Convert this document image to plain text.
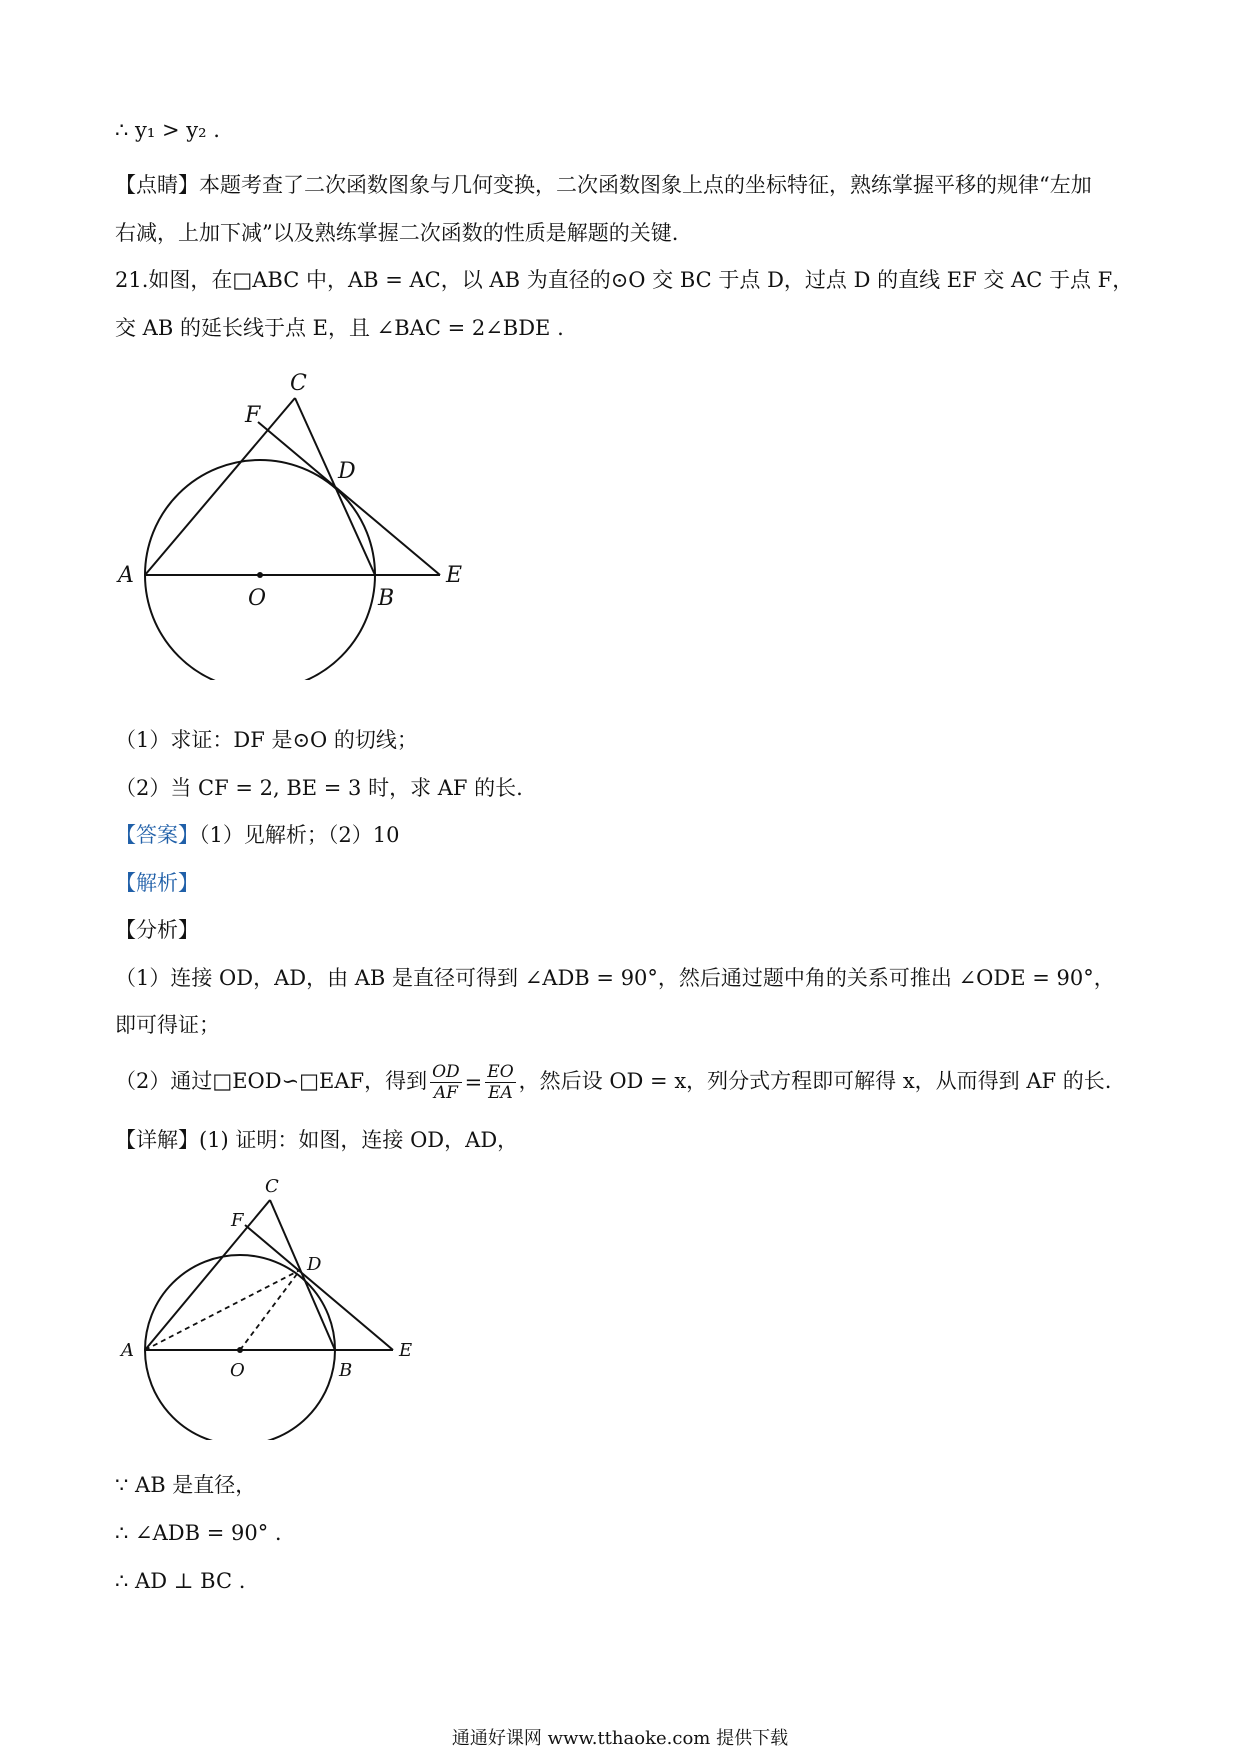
∴ y₁ > y₂ .
【点睛】本题考查了二次函数图象与几何变换，二次函数图象上点的坐标特征，熟练掌握平移的规律“左加
右减，上加下减”以及熟练掌握二次函数的性质是解题的关键.
21.如图，在□ABC 中，AB = AC，以 AB 为直径的⊙O 交 BC 于点 D，过点 D 的直线 EF 交 AC 于点 F，
交 AB 的延长线于点 E，且 ∠BAC = 2∠BDE .
A
O	B
E
C
F
D
（1）求证：DF 是⊙O 的切线；
（2）当 CF = 2, BE = 3 时，求 AF 的长.
【答案】（1）见解析；（2）10
【解析】
【分析】
（1）连接 OD，AD，由 AB 是直径可得到 ∠ADB = 90°，然后通过题中角的关系可推出 ∠ODE = 90°，
即可得证；
（2）通过□EOD∽□EAF，得到 $\frac{OD}{AF} = \frac{EO}{EA}$ ，然后设 OD = x，列分式方程即可解得 x，从而得到 AF 的长.
【详解】(1) 证明：如图，连接 OD，AD，
A
O	B
E
C
F
D
∵ AB 是直径，
∴ ∠ADB = 90° .
∴ AD ⊥ BC .
通通好课网 www.tthaoke.com 提供下载
